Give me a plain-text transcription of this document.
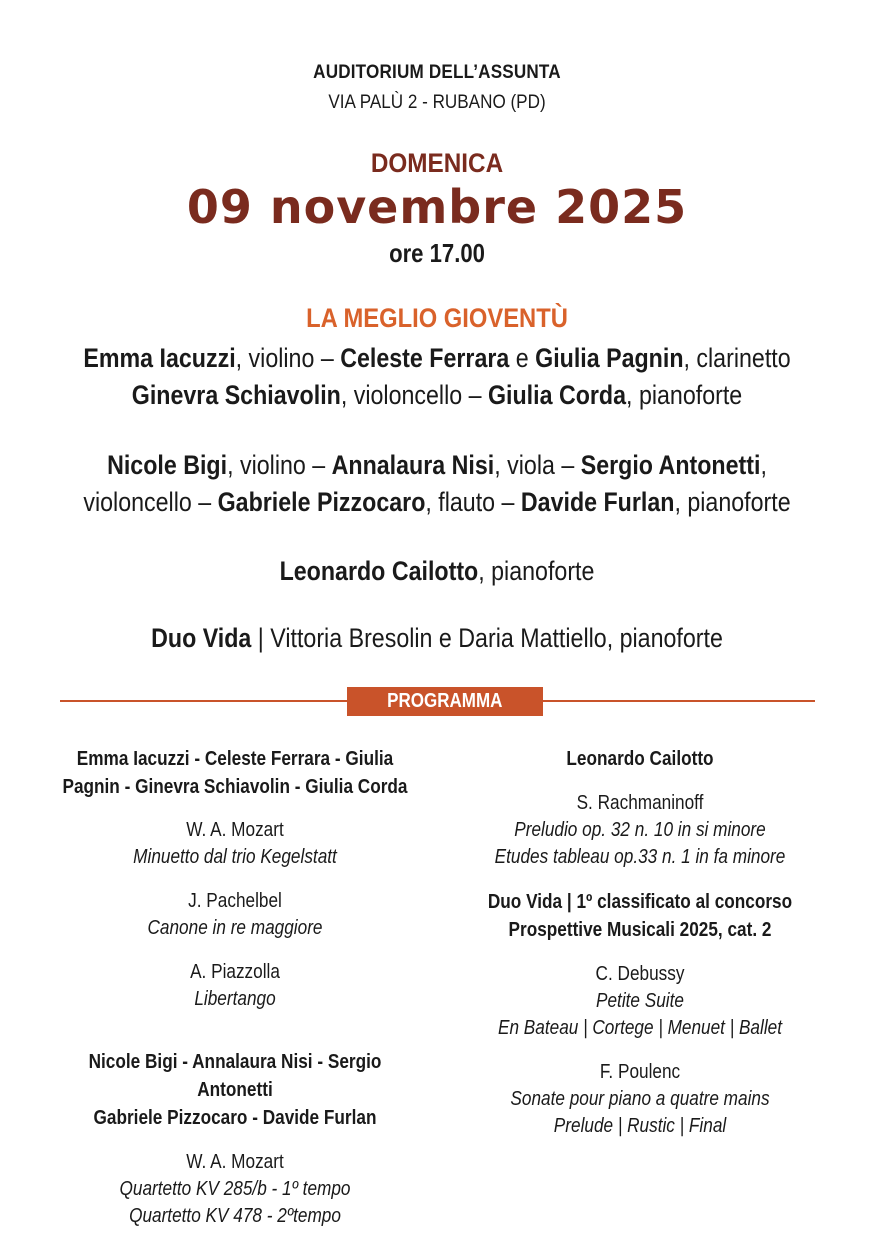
AUDITORIUM DELL’ASSUNTA
VIA PALÙ 2 - RUBANO (PD)
DOMENICA
09 novembre 2025
ore 17.00
LA MEGLIO GIOVENTÙ
Emma Iacuzzi, violino – Celeste Ferrara e Giulia Pagnin, clarinetto
Ginevra Schiavolin, violoncello – Giulia Corda, pianoforte
Nicole Bigi, violino – Annalaura Nisi, viola – Sergio Antonetti,
violoncello – Gabriele Pizzocaro, flauto – Davide Furlan, pianoforte
Leonardo Cailotto, pianoforte
Duo Vida | Vittoria Bresolin e Daria Mattiello, pianoforte
PROGRAMMA
Emma Iacuzzi - Celeste Ferrara - Giulia
Pagnin - Ginevra Schiavolin - Giulia Corda
W. A. Mozart
Minuetto dal trio Kegelstatt
J. Pachelbel
Canone in re maggiore
A. Piazzolla
Libertango
Nicole Bigi - Annalaura Nisi - Sergio Antonetti
Gabriele Pizzocaro - Davide Furlan
W. A. Mozart
Quartetto KV 285/b - 1º tempo
Quartetto KV 478 - 2ºtempo
Leonardo Cailotto
S. Rachmaninoff
Preludio op. 32 n. 10 in si minore
Etudes tableau op.33 n. 1 in fa minore
Duo Vida | 1º classificato al concorso
Prospettive Musicali 2025, cat. 2
C. Debussy
Petite Suite
En Bateau | Cortege | Menuet | Ballet
F. Poulenc
Sonate pour piano a quatre mains
Prelude | Rustic | Final
